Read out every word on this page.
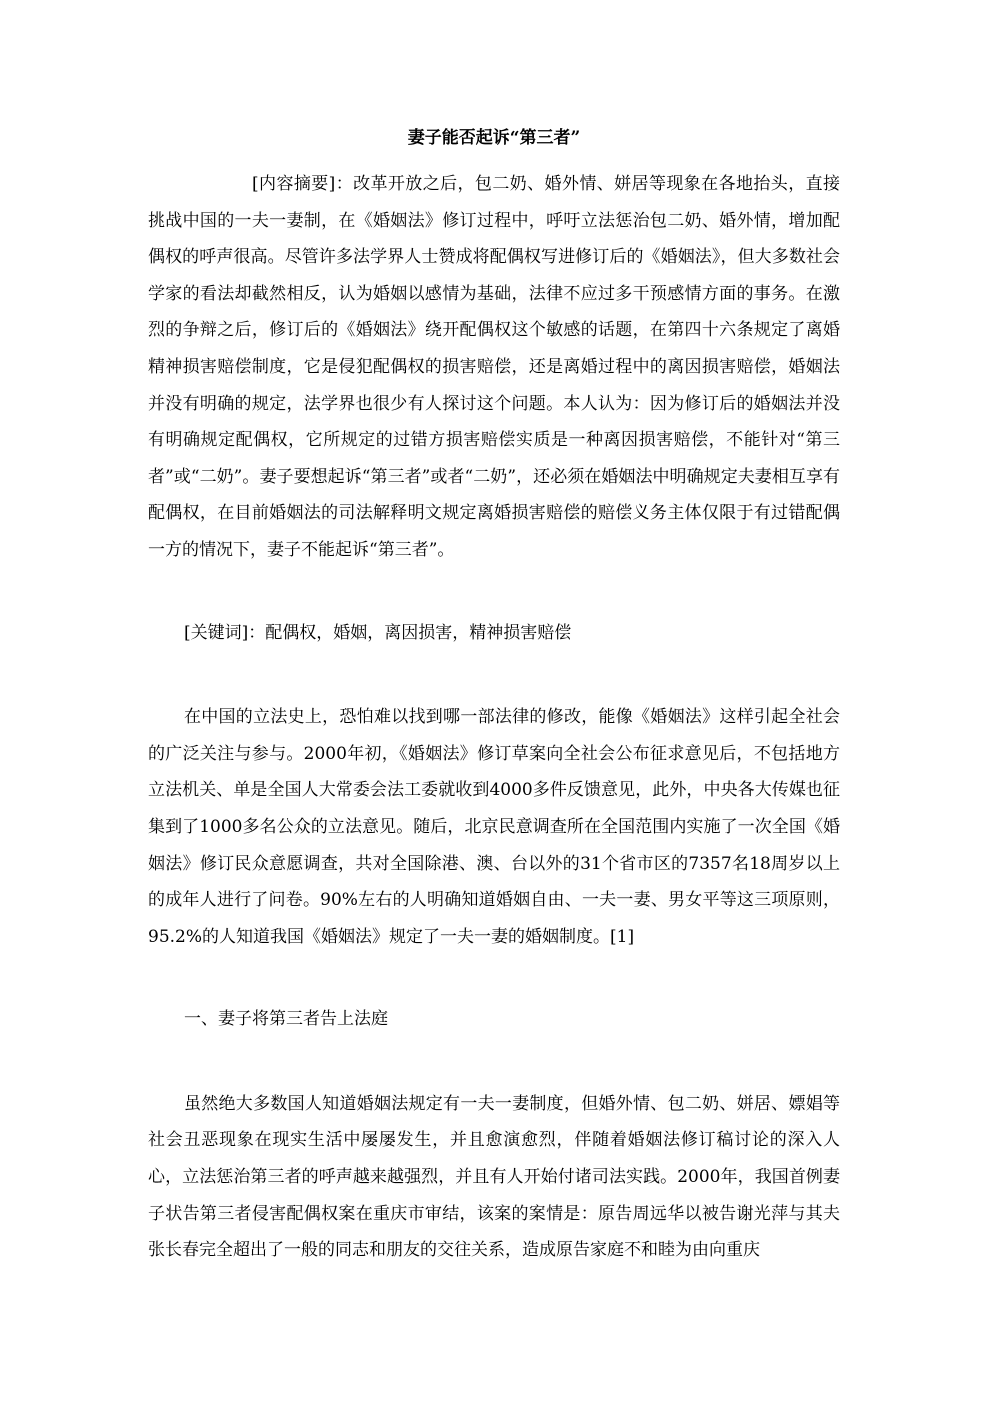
妻子能否起诉“第三者”

[内容摘要]：改革开放之后，包二奶、婚外情、姘居等现象在各地抬头，直接挑战中国的一夫一妻制，在《婚姻法》修订过程中，呼吁立法惩治包二奶、婚外情，增加配偶权的呼声很高。尽管许多法学界人士赞成将配偶权写进修订后的《婚姻法》，但大多数社会学家的看法却截然相反，认为婚姻以感情为基础，法律不应过多干预感情方面的事务。在激烈的争辩之后，修订后的《婚姻法》绕开配偶权这个敏感的话题，在第四十六条规定了离婚精神损害赔偿制度，它是侵犯配偶权的损害赔偿，还是离婚过程中的离因损害赔偿，婚姻法并没有明确的规定，法学界也很少有人探讨这个问题。本人认为：因为修订后的婚姻法并没有明确规定配偶权，它所规定的过错方损害赔偿实质是一种离因损害赔偿，不能针对“第三者”或“二奶”。妻子要想起诉“第三者”或者“二奶”，还必须在婚姻法中明确规定夫妻相互享有配偶权，在目前婚姻法的司法解释明文规定离婚损害赔偿的赔偿义务主体仅限于有过错配偶一方的情况下，妻子不能起诉“第三者”。

[关键词]：配偶权，婚姻，离因损害，精神损害赔偿

在中国的立法史上，恐怕难以找到哪一部法律的修改，能像《婚姻法》这样引起全社会的广泛关注与参与。2000年初，《婚姻法》修订草案向全社会公布征求意见后，不包括地方立法机关、单是全国人大常委会法工委就收到4000多件反馈意见，此外，中央各大传媒也征集到了1000多名公众的立法意见。随后，北京民意调查所在全国范围内实施了一次全国《婚姻法》修订民众意愿调查，共对全国除港、澳、台以外的31个省市区的7357名18周岁以上的成年人进行了问卷。90%左右的人明确知道婚姻自由、一夫一妻、男女平等这三项原则，95.2%的人知道我国《婚姻法》规定了一夫一妻的婚姻制度。[1]

一、妻子将第三者告上法庭

虽然绝大多数国人知道婚姻法规定有一夫一妻制度，但婚外情、包二奶、姘居、嫖娼等社会丑恶现象在现实生活中屡屡发生，并且愈演愈烈，伴随着婚姻法修订稿讨论的深入人心，立法惩治第三者的呼声越来越强烈，并且有人开始付诸司法实践。2000年，我国首例妻子状告第三者侵害配偶权案在重庆市审结，该案的案情是：原告周远华以被告谢光萍与其夫张长春完全超出了一般的同志和朋友的交往关系，造成原告家庭不和睦为由向重庆
